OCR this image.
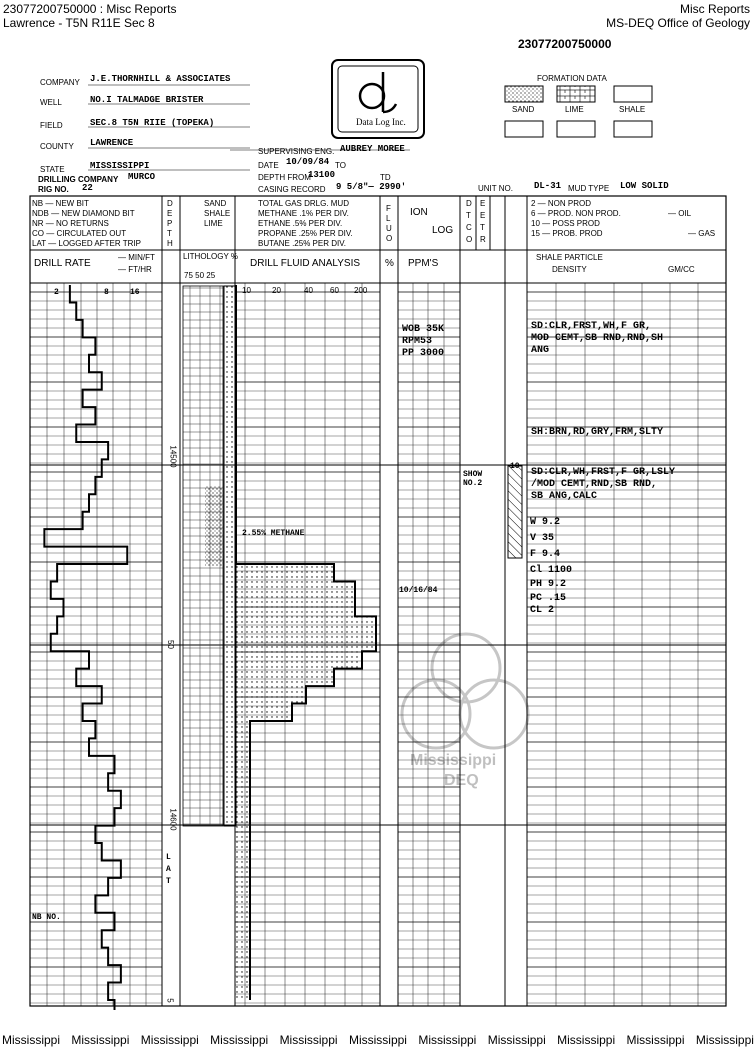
23077200750000 : Misc Reports
Lawrence - T5N R11E Sec 8
Misc Reports
MS-DEQ Office of Geology
23077200750000
COMPANY J.E.THORNHILL & ASSOCIATES
WELL	NO.I TALMADGE BRISTER
FIELD	SEC.8 T5N RIIE (TOPEKA)
COUNTY LAWRENCE
STATE	MISSISSIPPI
DRILLING COMPANY MURCO
RIG NO. 22
Data Log Inc.
SUPERVISING ENG. AUBREY MOREE
DATE 10/09/84 TO
DEPTH FROM
13100	TD
CASING RECORD 9 5/8"— 2990'	UNIT NO. DL-31 MUD TYPE LOW SOLID
FORMATION DATA
SAND	LIME	SHALE
NB — NEW BIT
NDB — NEW DIAMOND BIT
NR — NO RETURNS
CO — CIRCULATED OUT
LAT — LOGGED AFTER TRIP
D
E
P
T
H
SAND
SHALE
LIME
TOTAL GAS DRLG. MUD
METHANE .1% PER DIV.
ETHANE .5% PER DIV.
PROPANE .25% PER DIV.
BUTANE .25% PER DIV.
F
L
U
O
ION
LOG
D E
T E
C T
O R
2 — NON PROD
6 — PROD. NON PROD.
10 — POSS PROD
15 — PROB. PROD
— OIL
— GAS
DRILL RATE
— MIN/FT
— FT/HR
LITHOLOGY %
75 50 25
DRILL FLUID ANALYSIS % PPM'S
SHALE PARTICLE
DENSITY	GM/CC
2	8	16	10	20	40 60 200
14500
50
14600
5
WOB 35K
RPM53
PP 3000
2.55% METHANE
10/16/84
SHOW NO.2
10
L A T
NB NO.
SD:CLR,FRST,WH,F GR,
MOD CEMT,SB RND,RND,SH
ANG
SH:BRN,RD,GRY,FRM,SLTY
SD:CLR,WH,FRST,F GR,LSLY
/MOD CEMT,RND,SB RND,
SB ANG,CALC
W 9.2
V 35
F 9.4
Cl 1100
PH 9.2
PC .15
CL 2
Mississippi
DEQ
Mississippi Mississippi Mississippi Mississippi Mississippi Mississippi Mississippi Mississippi Mississippi Mississippi Mississippi
